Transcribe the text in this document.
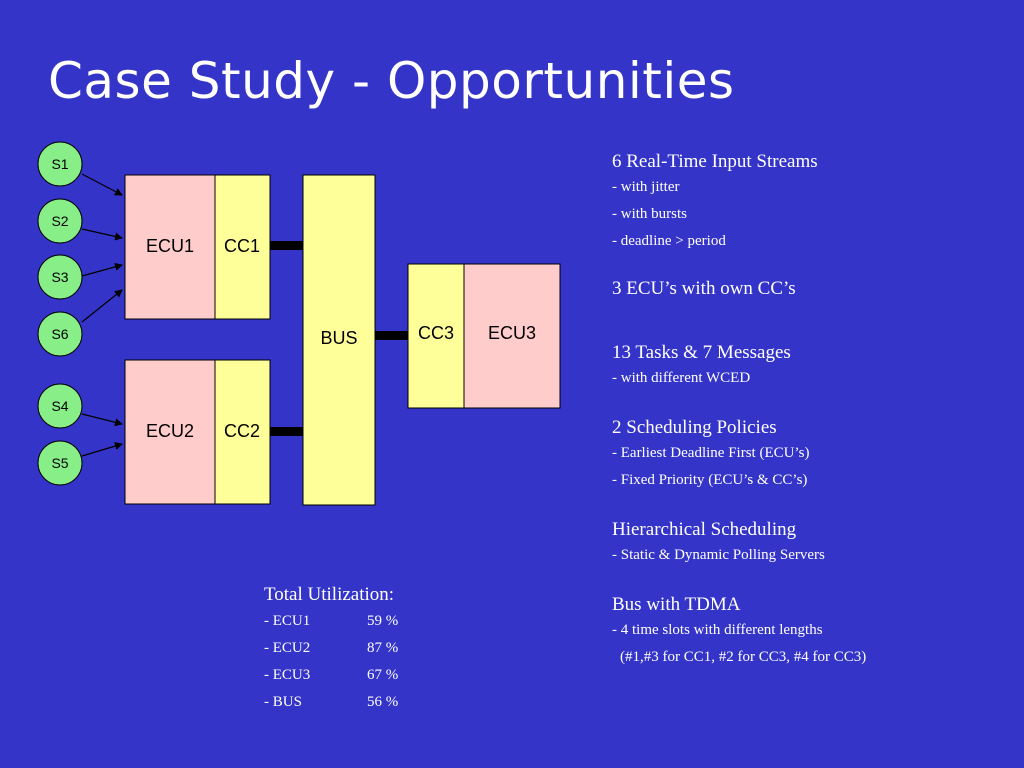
Case Study - Opportunities
S1
S2
S3
S6
S4
S5
ECU1 CC1
ECU2 CC2
BUS	CC3 ECU3
6 Real-Time Input Streams
- with jitter
- with bursts
- deadline > period
3 ECU’s with own CC’s
13 Tasks & 7 Messages
- with different WCED
2 Scheduling Policies
- Earliest Deadline First (ECU’s)
- Fixed Priority (ECU’s & CC’s)
Hierarchical Scheduling
- Static & Dynamic Polling Servers
Bus with TDMA
- 4 time slots with different lengths
(#1,#3 for CC1, #2 for CC3, #4 for CC3)
Total Utilization:
- ECU1	59 %
- ECU2	87 %
- ECU3	67 %
- BUS	56 %
